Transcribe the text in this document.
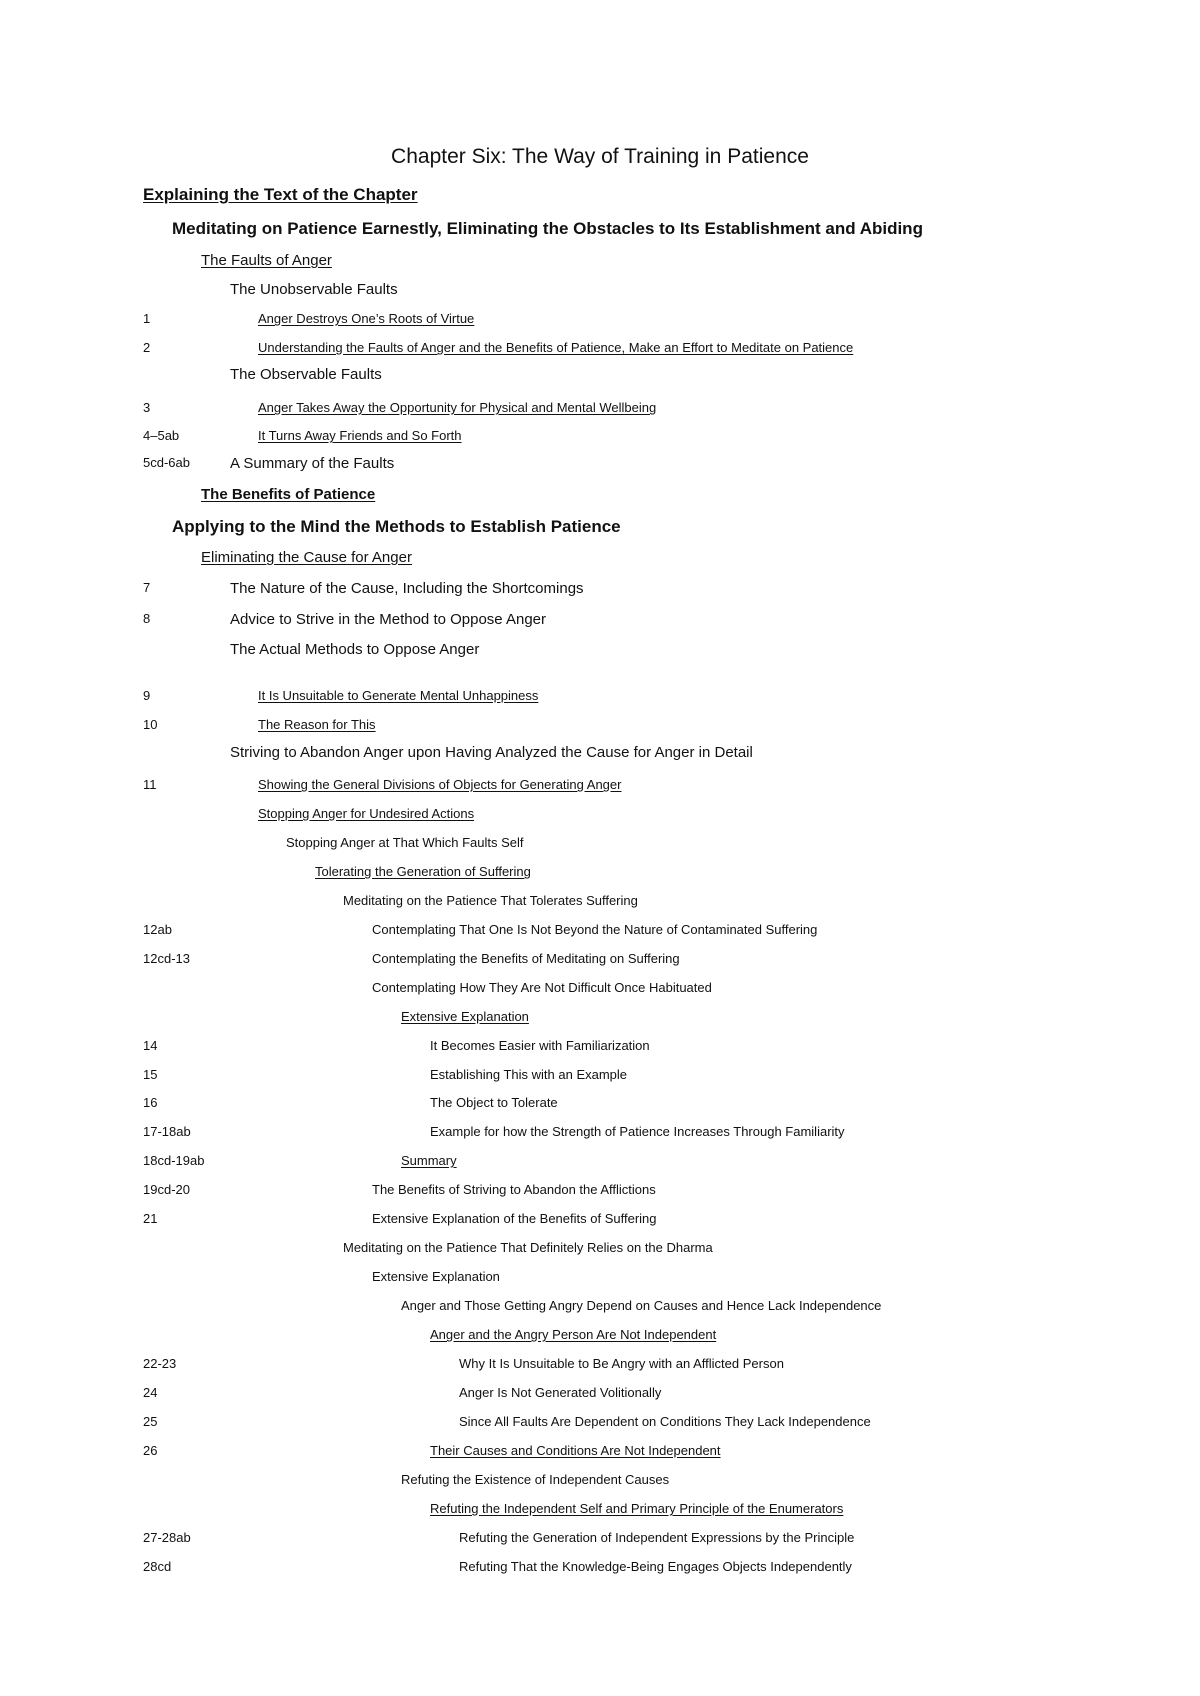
Chapter Six: The Way of Training in Patience
Explaining the Text of the Chapter
Meditating on Patience Earnestly, Eliminating the Obstacles to Its Establishment and Abiding
The Faults of Anger
The Unobservable Faults
1	Anger Destroys One’s Roots of Virtue
2	Understanding the Faults of Anger and the Benefits of Patience, Make an Effort to Meditate on Patience
The Observable Faults
3	Anger Takes Away the Opportunity for Physical and Mental Wellbeing
4–5ab	It Turns Away Friends and So Forth
5cd-6ab	A Summary of the Faults
The Benefits of Patience
Applying to the Mind the Methods to Establish Patience
Eliminating the Cause for Anger
7	The Nature of the Cause, Including the Shortcomings
8	Advice to Strive in the Method to Oppose Anger
The Actual Methods to Oppose Anger
9	It Is Unsuitable to Generate Mental Unhappiness
10	The Reason for This
Striving to Abandon Anger upon Having Analyzed the Cause for Anger in Detail
11	Showing the General Divisions of Objects for Generating Anger
Stopping Anger for Undesired Actions
Stopping Anger at That Which Faults Self
Tolerating the Generation of Suffering
Meditating on the Patience That Tolerates Suffering
12ab	Contemplating That One Is Not Beyond the Nature of Contaminated Suffering
12cd-13	Contemplating the Benefits of Meditating on Suffering
Contemplating How They Are Not Difficult Once Habituated
Extensive Explanation
14	It Becomes Easier with Familiarization
15	Establishing This with an Example
16	The Object to Tolerate
17-18ab	Example for how the Strength of Patience Increases Through Familiarity
18cd-19ab	Summary
19cd-20	The Benefits of Striving to Abandon the Afflictions
21	Extensive Explanation of the Benefits of Suffering
Meditating on the Patience That Definitely Relies on the Dharma
Extensive Explanation
Anger and Those Getting Angry Depend on Causes and Hence Lack Independence
Anger and the Angry Person Are Not Independent
22-23	Why It Is Unsuitable to Be Angry with an Afflicted Person
24	Anger Is Not Generated Volitionally
25	Since All Faults Are Dependent on Conditions They Lack Independence
26	Their Causes and Conditions Are Not Independent
Refuting the Existence of Independent Causes
Refuting the Independent Self and Primary Principle of the Enumerators
27-28ab	Refuting the Generation of Independent Expressions by the Principle
28cd	Refuting That the Knowledge-Being Engages Objects Independently
